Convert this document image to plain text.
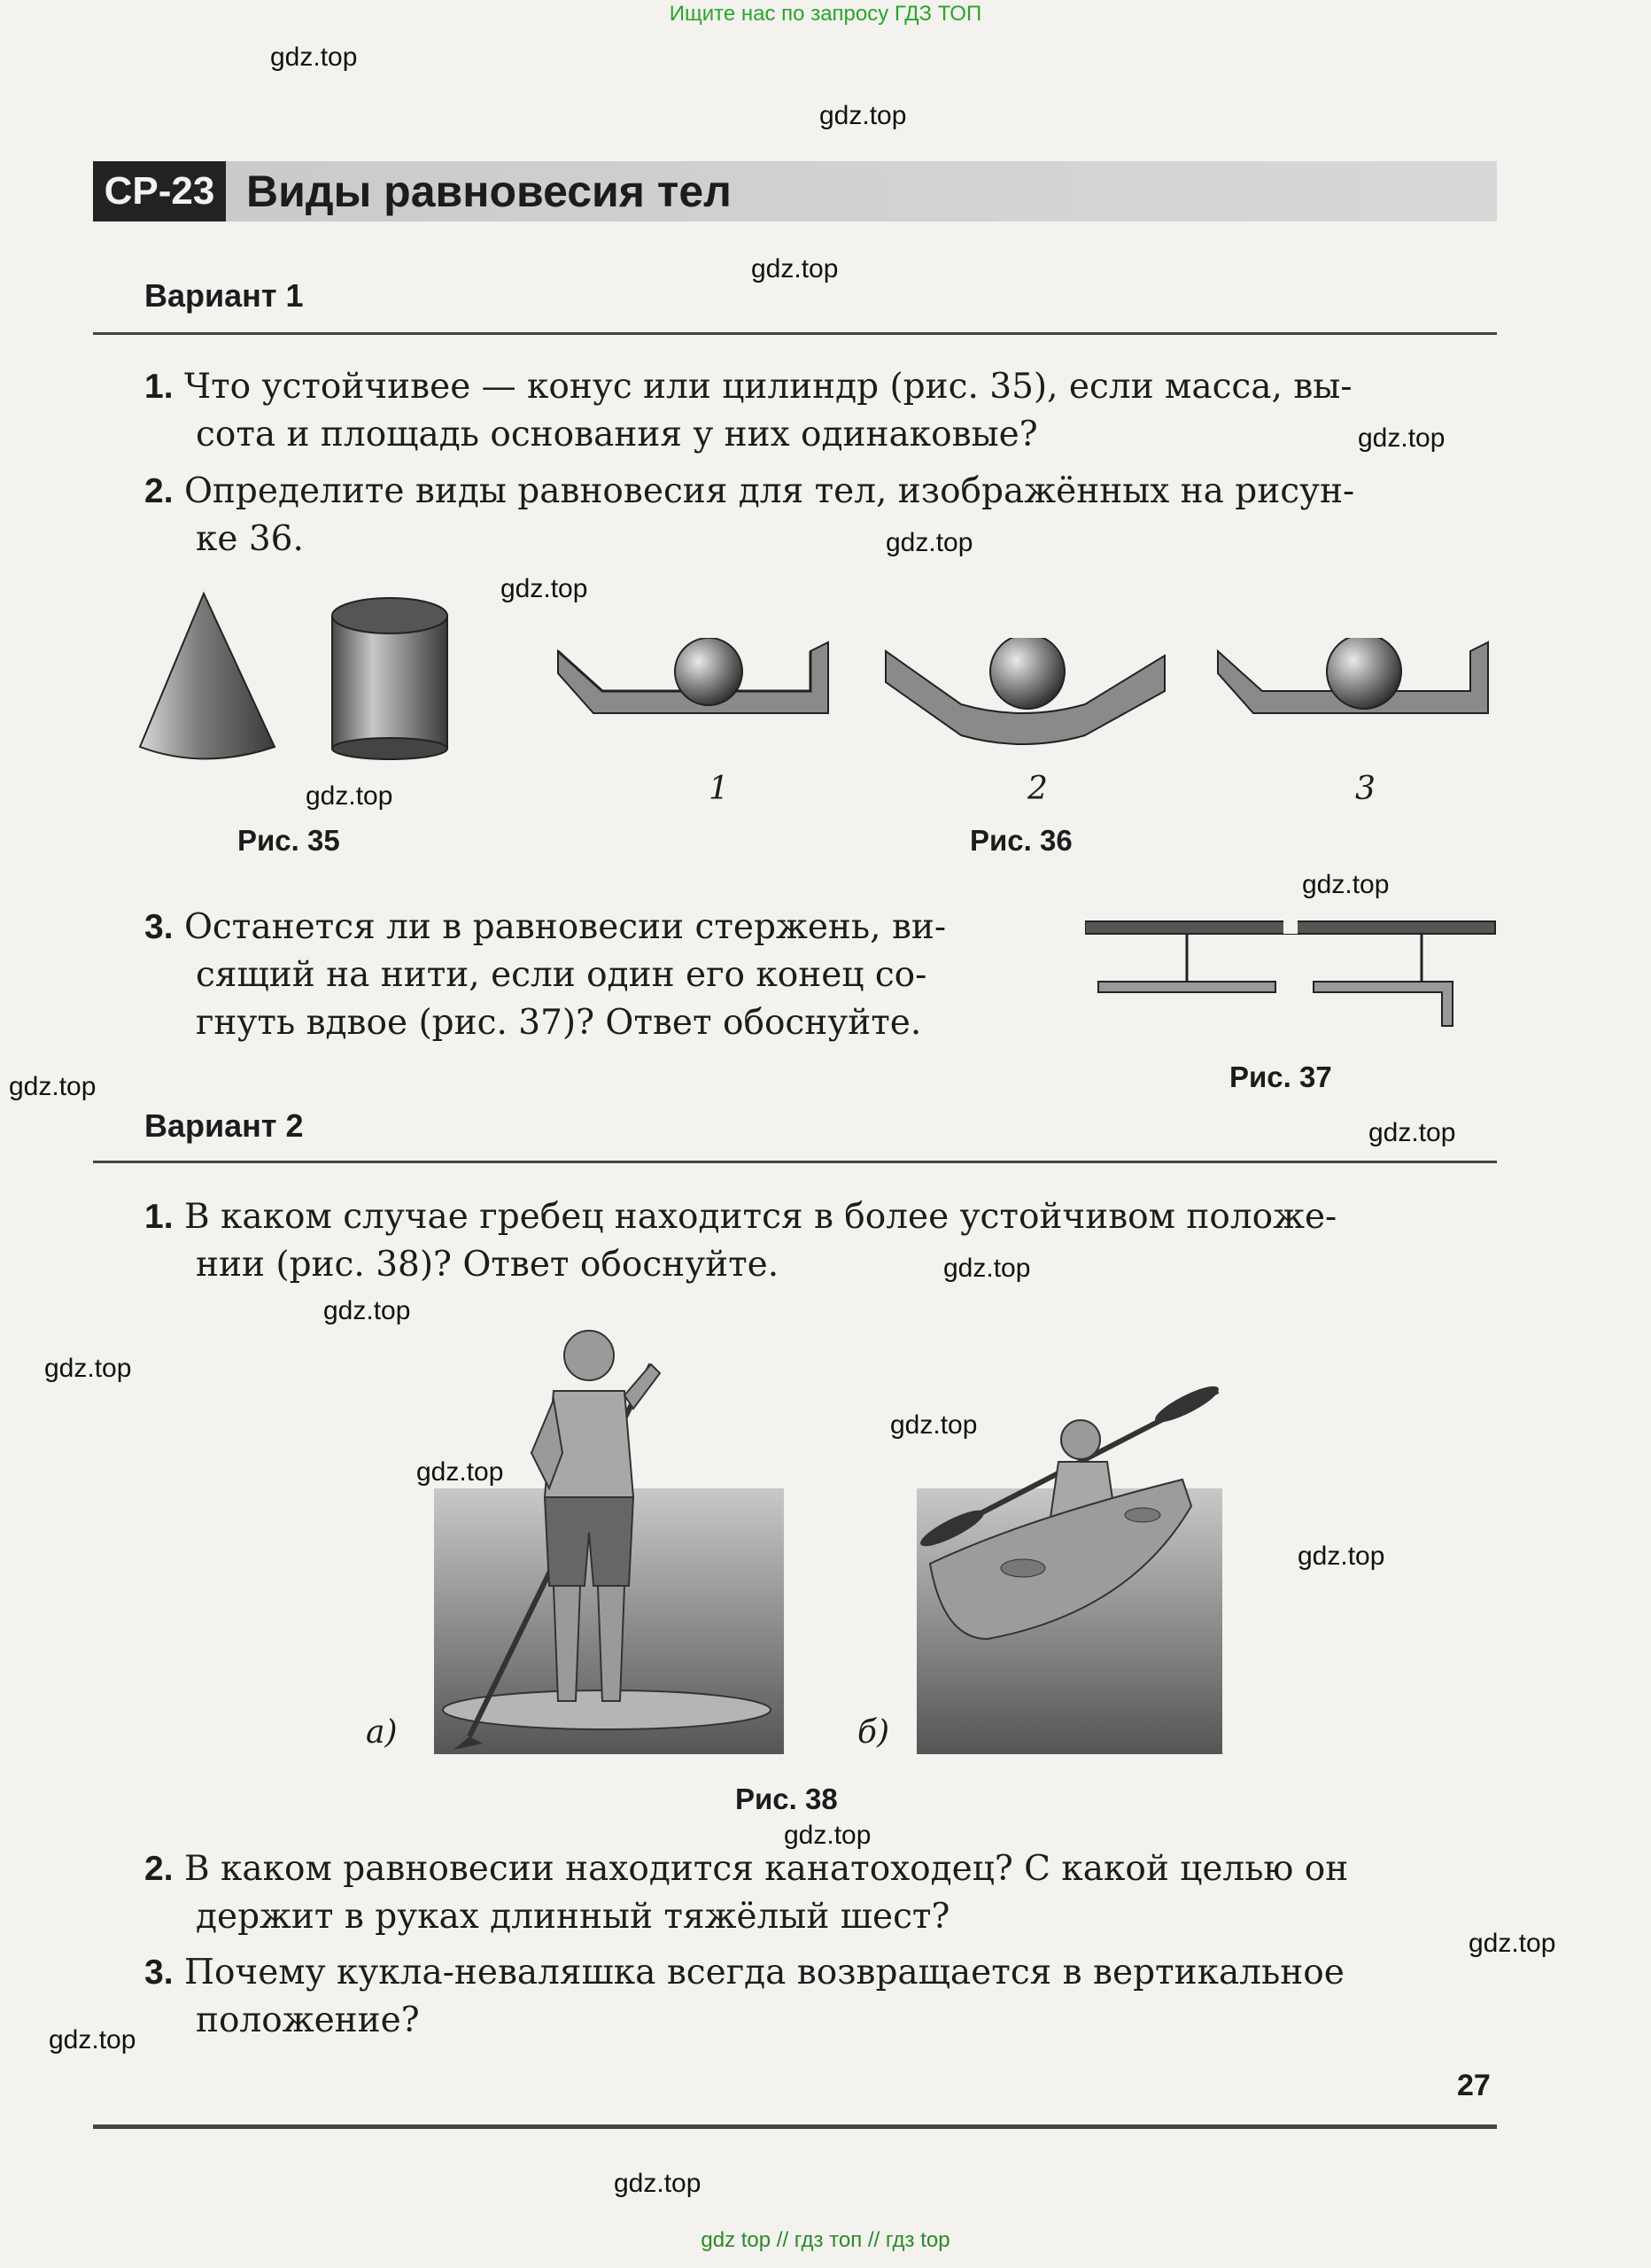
Ищите нас по запросу ГДЗ ТОП
gdz.top
gdz.top
gdz.top
gdz.top
gdz.top
gdz.top
gdz.top
gdz.top
gdz.top
gdz.top
gdz.top
gdz.top
gdz.top
gdz.top
gdz.top
gdz.top
gdz.top
gdz.top
gdz.top
gdz.top
СР-23 Виды равновесия тел
Вариант 1
1. Что устойчивее — конус или цилиндр (рис. 35), если масса, вы-
сота и площадь основания у них одинаковые?
2. Определите виды равновесия для тел, изображённых на рисун-
ке 36.
Рис. 35
1	2	3
Рис. 36
3. Останется ли в равновесии стержень, ви-
сящий на нити, если один его конец со-
гнуть вдвое (рис. 37)? Ответ обоснуйте.
Рис. 37
Вариант 2
1. В каком случае гребец находится в более устойчивом положе-
нии (рис. 38)? Ответ обоснуйте.
а)	б)
Рис. 38
2. В каком равновесии находится канатоходец? С какой целью он
держит в руках длинный тяжёлый шест?
3. Почему кукла-неваляшка всегда возвращается в вертикальное
положение?
27
gdz top // гдз топ // гдз top
